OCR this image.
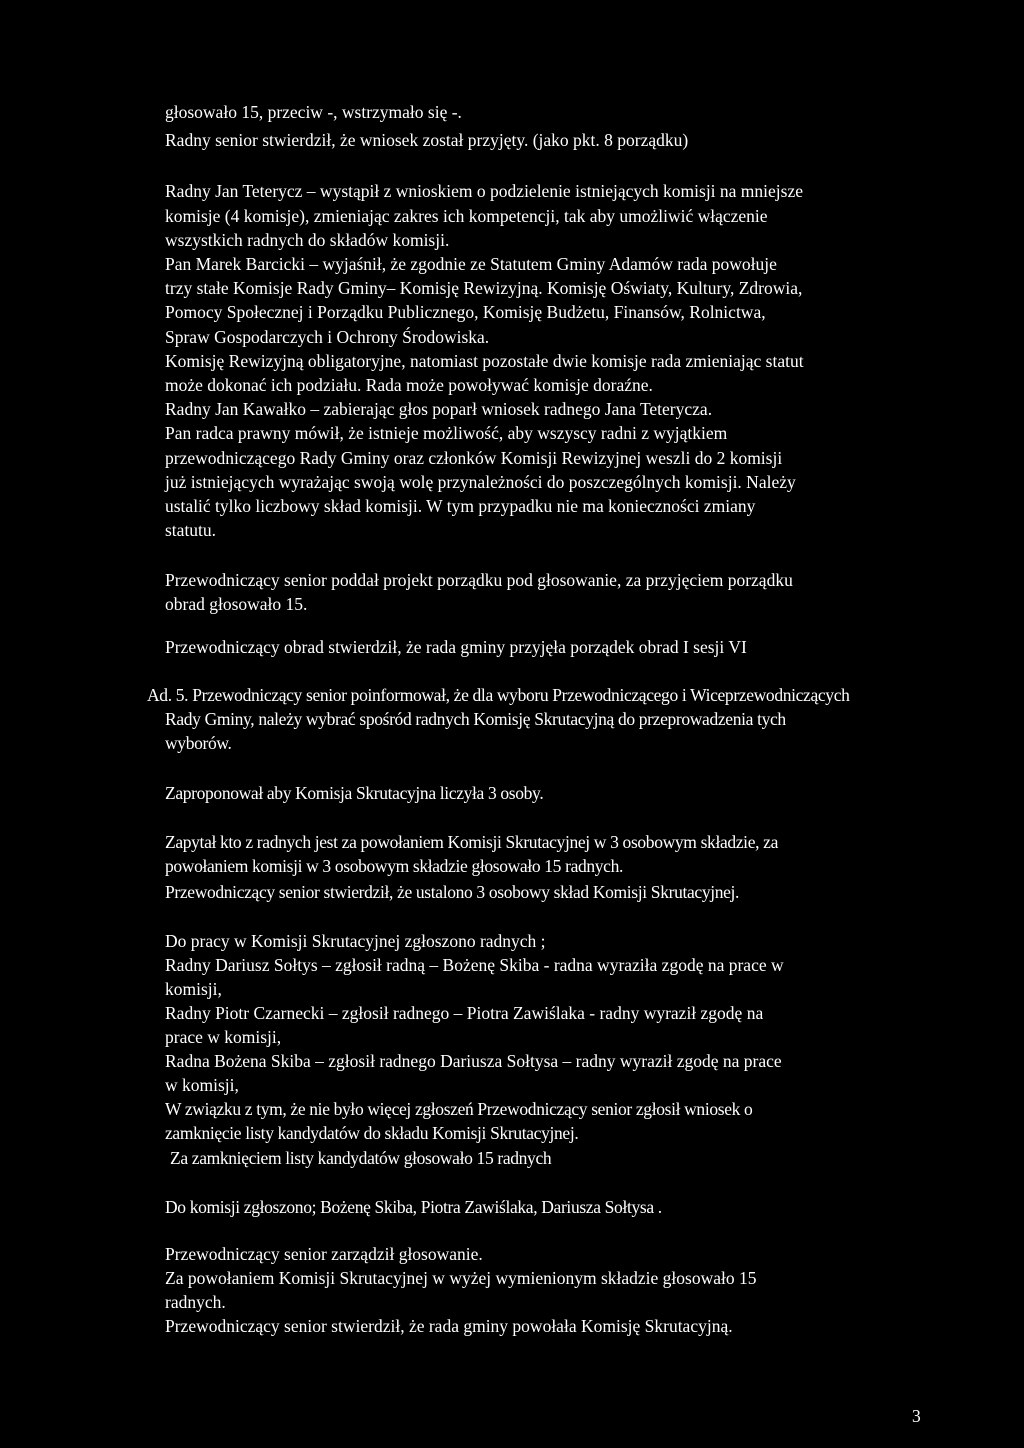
głosowało 15, przeciw -, wstrzymało się -.

Radny senior stwierdził, że wniosek został przyjęty. (jako pkt. 8 porządku)

Radny Jan Teterycz – wystąpił z wnioskiem o podzielenie istniejących komisji na mniejsze

komisje (4 komisje), zmieniając zakres ich kompetencji, tak aby umożliwić włączenie

wszystkich radnych do składów komisji.

Pan Marek Barcicki – wyjaśnił, że zgodnie ze Statutem Gminy Adamów rada powołuje

trzy stałe Komisje Rady Gminy– Komisję Rewizyjną. Komisję Oświaty, Kultury, Zdrowia,

Pomocy Społecznej i Porządku Publicznego, Komisję Budżetu, Finansów, Rolnictwa,

Spraw Gospodarczych i Ochrony Środowiska.

Komisję Rewizyjną obligatoryjne, natomiast pozostałe dwie komisje rada zmieniając statut

może dokonać ich podziału. Rada może powoływać komisje doraźne.

Radny Jan Kawałko – zabierając głos poparł wniosek radnego Jana Teterycza.

Pan radca prawny mówił, że istnieje możliwość, aby wszyscy radni z wyjątkiem

przewodniczącego Rady Gminy oraz członków Komisji Rewizyjnej weszli do 2 komisji

już istniejących wyrażając swoją wolę przynależności do poszczególnych komisji. Należy

ustalić tylko liczbowy skład komisji. W tym przypadku nie ma konieczności zmiany

statutu.

Przewodniczący senior poddał projekt porządku pod głosowanie, za przyjęciem porządku

obrad głosowało 15.

Przewodniczący obrad stwierdził, że rada gminy przyjęła porządek obrad I sesji VI

Ad. 5. Przewodniczący senior poinformował, że dla wyboru Przewodniczącego i Wiceprzewodniczących

Rady Gminy, należy wybrać spośród radnych Komisję Skrutacyjną do przeprowadzenia tych

wyborów.

Zaproponował aby Komisja Skrutacyjna liczyła 3 osoby.

Zapytał kto z radnych jest za powołaniem Komisji Skrutacyjnej w 3 osobowym składzie, za

powołaniem komisji w 3 osobowym składzie głosowało 15 radnych.

Przewodniczący senior stwierdził, że ustalono 3 osobowy skład Komisji Skrutacyjnej.

Do pracy w Komisji Skrutacyjnej zgłoszono radnych ;

Radny Dariusz Sołtys – zgłosił radną – Bożenę Skiba - radna wyraziła zgodę na prace w

komisji,

Radny Piotr Czarnecki – zgłosił radnego – Piotra Zawiślaka - radny wyraził zgodę na

prace w komisji,

Radna Bożena Skiba – zgłosił radnego Dariusza Sołtysa – radny wyraził zgodę na prace

w komisji,

W związku z tym, że nie było więcej zgłoszeń Przewodniczący senior zgłosił wniosek o

zamknięcie listy kandydatów do składu Komisji Skrutacyjnej.

Za zamknięciem listy kandydatów głosowało 15 radnych

Do komisji zgłoszono; Bożenę Skiba, Piotra Zawiślaka, Dariusza Sołtysa .

Przewodniczący senior zarządził głosowanie.

Za powołaniem Komisji Skrutacyjnej w wyżej wymienionym składzie głosowało 15

radnych.

Przewodniczący senior stwierdził, że rada gminy powołała Komisję Skrutacyjną.

3
